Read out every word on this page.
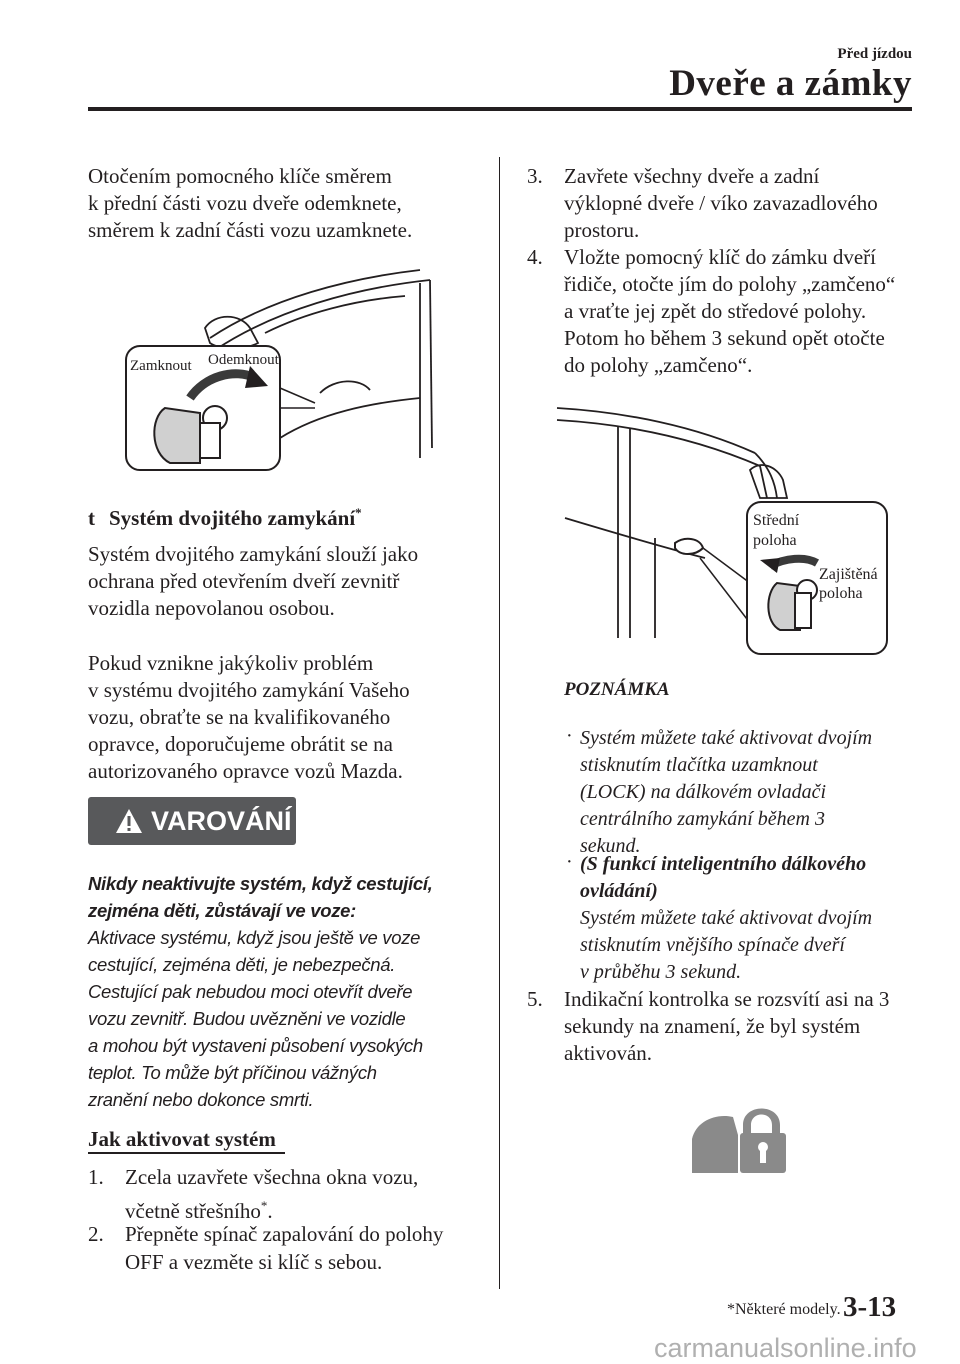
Před jízdou
Dveře a zámky
Otočením pomocného klíče směrem
k přední části vozu dveře odemknete,
směrem k zadní části vozu uzamknete.
Zamknout Odemknout
t Systém dvojitého zamykání*
Systém dvojitého zamykání slouží jako
ochrana před otevřením dveří zevnitř
vozidla nepovolanou osobou.
Pokud vznikne jakýkoliv problém
v systému dvojitého zamykání Vašeho
vozu, obraťte se na kvalifikovaného
opravce, doporučujeme obrátit se na
autorizovaného opravce vozů Mazda.
VAROVÁNÍ
Nikdy neaktivujte systém, když cestující,
zejména děti, zůstávají ve voze:
Aktivace systému, když jsou ještě ve voze
cestující, zejména děti, je nebezpečná.
Cestující pak nebudou moci otevřít dveře
vozu zevnitř. Budou uvězněni ve vozidle
a mohou být vystaveni působení vysokých
teplot. To může být příčinou vážných
zranění nebo dokonce smrti.
Jak aktivovat systém
1. Zcela uzavřete všechna okna vozu,
včetně střešního*.
2. Přepněte spínač zapalování do polohy
OFF a vezměte si klíč s sebou.
3. Zavřete všechny dveře a zadní
výklopné dveře / víko zavazadlového
prostoru.
4. Vložte pomocný klíč do zámku dveří
řidiče, otočte jím do polohy „zamčeno“
a vraťte jej zpět do středové polohy.
Potom ho během 3 sekund opět otočte
do polohy „zamčeno“.
Střední
poloha
Zajištěná
poloha
POZNÁMKA
· Systém můžete také aktivovat dvojím
stisknutím tlačítka uzamknout
(LOCK) na dálkovém ovladači
centrálního zamykání během 3
sekund.
· (S funkcí inteligentního dálkového
ovládání)
Systém můžete také aktivovat dvojím
stisknutím vnějšího spínače dveří
v průběhu 3 sekund.
5. Indikační kontrolka se rozsvítí asi na 3
sekundy na znamení, že byl systém
aktivován.
*Některé modely. 3-13
carmanualsonline.info
